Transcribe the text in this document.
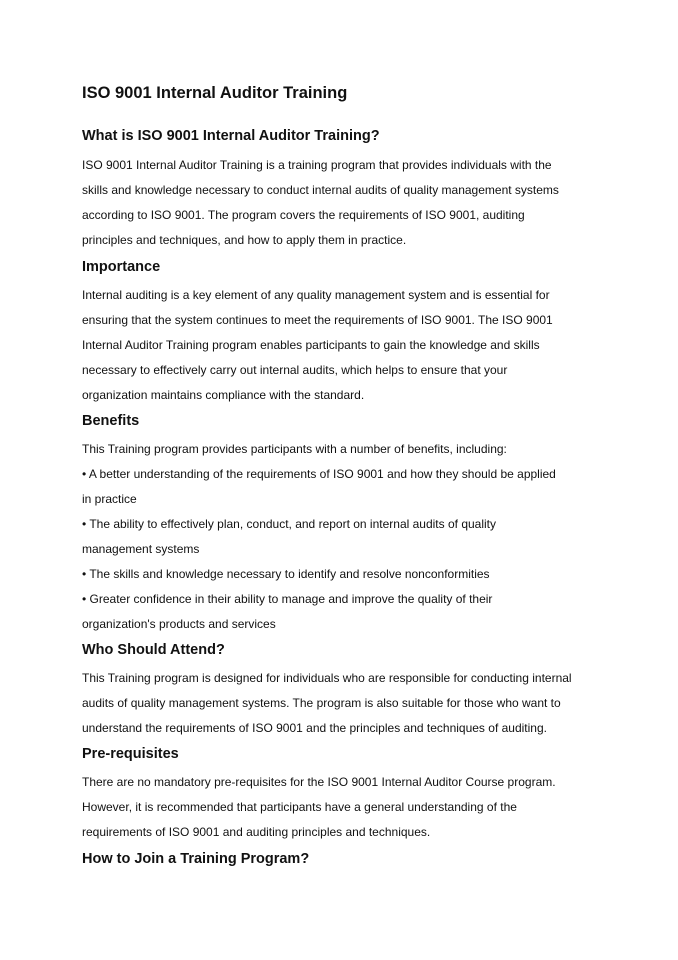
ISO 9001 Internal Auditor Training
What is ISO 9001 Internal Auditor Training?

ISO 9001 Internal Auditor Training is a training program that provides individuals with the

skills and knowledge necessary to conduct internal audits of quality management systems

according to ISO 9001. The program covers the requirements of ISO 9001, auditing

principles and techniques, and how to apply them in practice.

Importance

Internal auditing is a key element of any quality management system and is essential for

ensuring that the system continues to meet the requirements of ISO 9001. The ISO 9001

Internal Auditor Training program enables participants to gain the knowledge and skills

necessary to effectively carry out internal audits, which helps to ensure that your

organization maintains compliance with the standard.

Benefits

This Training program provides participants with a number of benefits, including:

• A better understanding of the requirements of ISO 9001 and how they should be applied

in practice

• The ability to effectively plan, conduct, and report on internal audits of quality

management systems

• The skills and knowledge necessary to identify and resolve nonconformities

• Greater confidence in their ability to manage and improve the quality of their

organization's products and services

Who Should Attend?

This Training program is designed for individuals who are responsible for conducting internal

audits of quality management systems. The program is also suitable for those who want to

understand the requirements of ISO 9001 and the principles and techniques of auditing.

Pre-requisites

There are no mandatory pre-requisites for the ISO 9001 Internal Auditor Course program.

However, it is recommended that participants have a general understanding of the

requirements of ISO 9001 and auditing principles and techniques.

How to Join a Training Program?
